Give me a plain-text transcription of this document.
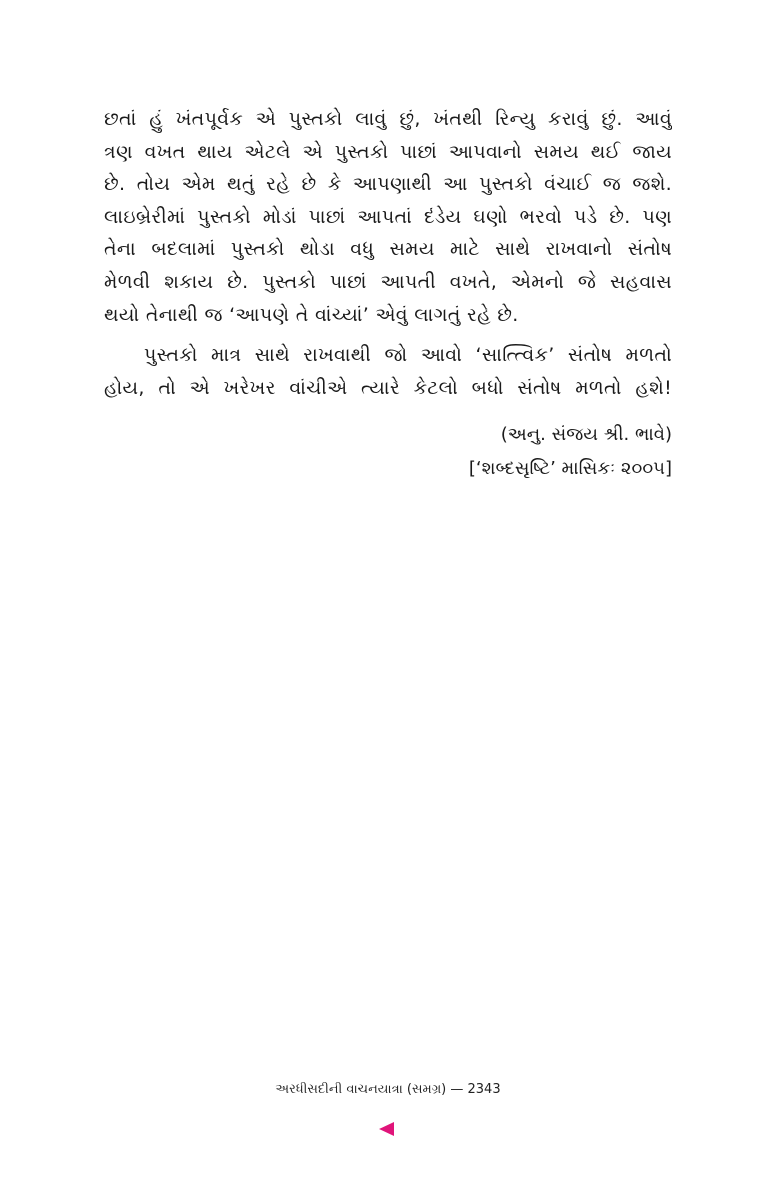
છતાં હું ખંતપૂર્વક એ પુસ્તકો લાવું છું, ખંતથી રિન્યુ કરાવું છું. આવું
ત્રણ વખત થાય એટલે એ પુસ્તકો પાછાં આપવાનો સમય થઈ જાય
છે. તોય એમ થતું રહે છે કે આપણાથી આ પુસ્તકો વંચાઈ જ જશે.
લાઇબ્રેરીમાં પુસ્તકો મોડાં પાછાં આપતાં દંડેય ઘણો ભરવો પડે છે. પણ
તેના બદલામાં પુસ્તકો થોડા વધુ સમય માટે સાથે રાખવાનો સંતોષ
મેળવી શકાય છે. પુસ્તકો પાછાં આપતી વખતે, એમનો જે સહવાસ
થયો તેનાથી જ ‘આપણે તે વાંચ્યાં’ એવું લાગતું રહે છે.
પુસ્તકો માત્ર સાથે રાખવાથી જો આવો ‘સાત્ત્વિક’ સંતોષ મળતો
હોય, તો એ ખરેખર વાંચીએ ત્યારે કેટલો બધો સંતોષ મળતો હશે!
(અનુ. સંજય શ્રી. ભાવે)
[‘શબ્દસૃષ્ટિ’ માસિકઃ ૨૦૦૫]
અરધીસદીની વાચનયાત્રા (સમગ્ર) — 2343
